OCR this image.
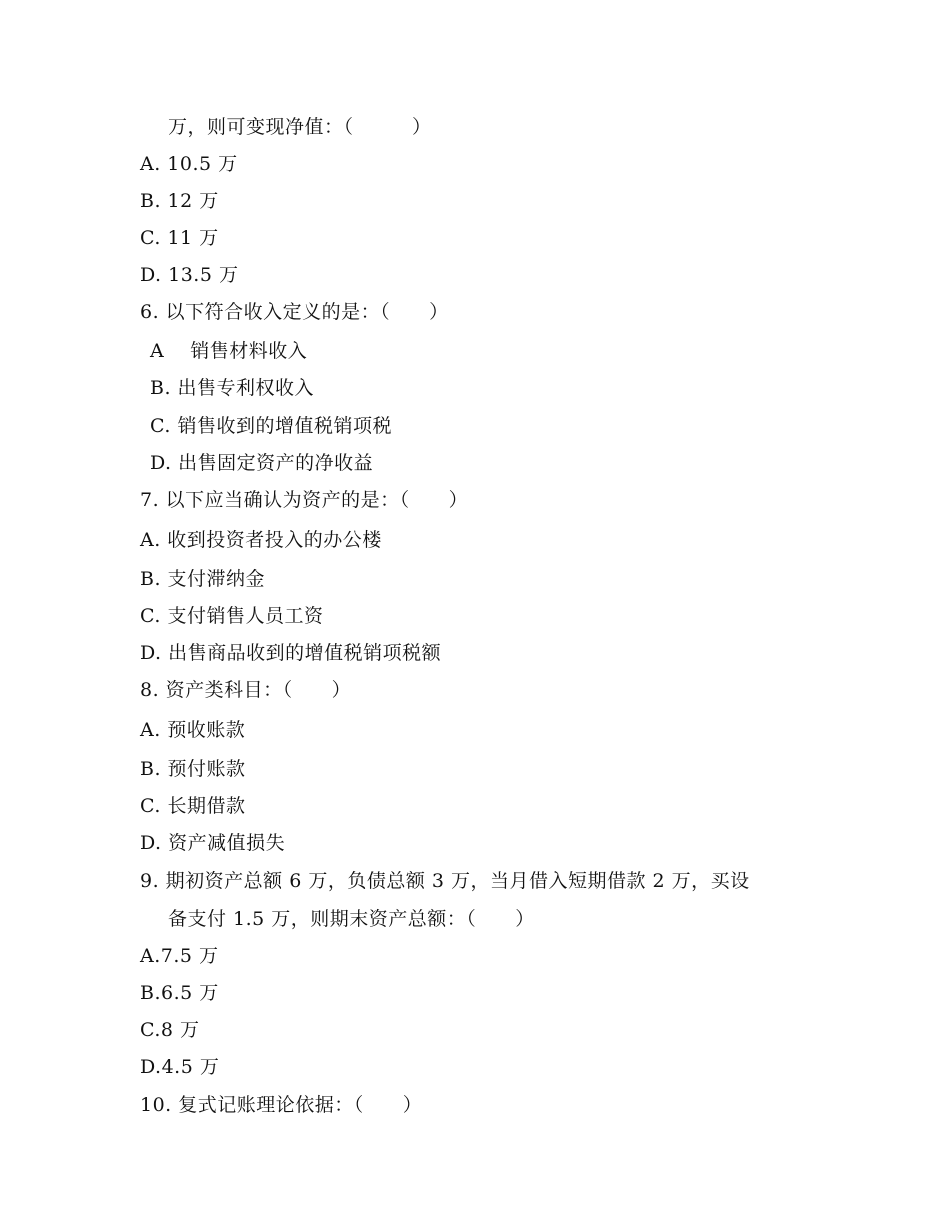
万，则可变现净值：（　　　）
A. 10.5 万
B. 12 万
C. 11 万
D. 13.5 万
6. 以下符合收入定义的是：（　　）
A　 销售材料收入
B. 出售专利权收入
C. 销售收到的增值税销项税
D. 出售固定资产的净收益
7. 以下应当确认为资产的是：（　　）
A. 收到投资者投入的办公楼
B. 支付滞纳金
C. 支付销售人员工资
D. 出售商品收到的增值税销项税额
8. 资产类科目：（　　）
A. 预收账款
B. 预付账款
C. 长期借款
D. 资产减值损失
9. 期初资产总额 6 万，负债总额 3 万，当月借入短期借款 2 万，买设
备支付 1.5 万，则期末资产总额：（　　）
A.7.5 万
B.6.5 万
C.8 万
D.4.5 万
10. 复式记账理论依据：（　　）
